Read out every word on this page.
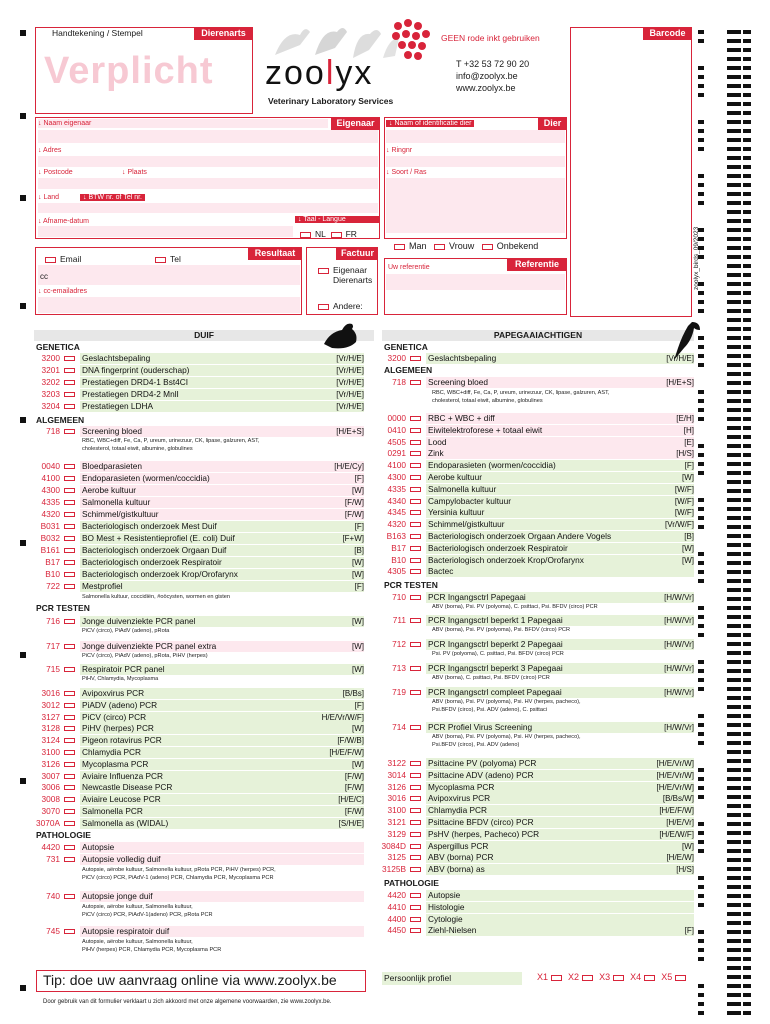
Handtekening / Stempel	Dierenarts
Verplicht zoolyx
Veterinary Laboratory Services
GEEN rode inkt gebruiken
T +32 53 72 90 20
info@zoolyx.be
www.zoolyx.be
Barcode
zoolyx_birds_09/2023
Eigenaar
↓ Naam eigenaar
↓ Adres
↓ Postcode	↓ Plaats
↓ Land	↓ BTW nr. of Tel nr.
↓ Afname-datum	↓ Taal - Langue
NL FR
Dier
↓ Naam of identificatie dier
↓ Ringnr
↓ Soort / Ras
Man	Vrouw	Onbekend
Resultaat
Email	Tel
cc
↓ cc-emailadres
Factuur
Eigenaar
Dierenarts
Andere:
Referentie
Uw referentie
DUIF	PAPEGAAIACHTIGEN
GENETICA
3200	Geslachtsbepaling	[Vr/H/E]
3201	DNA fingerprint (ouderschap)	[Vr/H/E]
3202	Prestatiegen DRD4-1 Bst4CI	[Vr/H/E]
3203	Prestatiegen DRD4-2 MnlI	[Vr/H/E]
3204	Prestatiegen LDHA	[Vr/H/E]
ALGEMEEN
718	Screening bloed	[H/E+S]
RBC, WBC+diff, Fe, Ca, P, ureum, urinezuur, CK, lipase, galzuren, AST,
cholesterol, totaal eiwit, albumine, globulines
0040	Bloedparasieten	[H/E/Cy]
4100	Endoparasieten (wormen/coccidia)	[F]
4300	Aerobe kultuur	[W]
4335	Salmonella kultuur	[F/W]
4320	Schimmel/gistkultuur	[F/W]
B031	Bacteriologisch onderzoek Mest Duif	[F]
B032	BO Mest + Resistentieprofiel (E. coli) Duif	[F+W]
B161	Bacteriologisch onderzoek Orgaan Duif	[B]
B17	Bacteriologisch onderzoek Respiratoir	[W]
B10	Bacteriologisch onderzoek Krop/Orofarynx	[W]
722	Mestprofiel	[F]
Salmonella kultuur, coccidiën, #oöcysten, wormen en gisten
PCR TESTEN
716	Jonge duivenziekte PCR panel	[W]
PiCV (circo), PiAdV (adeno), pRota
717	Jonge duivenziekte PCR panel extra	[W]
PiCV (circo), PiAdV (adeno), pRota, PiHV (herpes)
715	Respiratoir PCR panel	[W]
PiHV, Chlamydia, Mycoplasma
3016	Avipoxvirus PCR	[B/Bs]
3012	PiADV (adeno) PCR	[F]
3127	PiCV (circo) PCR	H/E/Vr/W/F]
3128	PiHV (herpes) PCR	[W]
3124	Pigeon rotavirus PCR	[F/W/B]
3100	Chlamydia PCR	[H/E/F/W]
3126	Mycoplasma PCR	[W]
3007	Aviaire Influenza PCR	[F/W]
3006	Newcastle Disease PCR	[F/W]
3008	Aviaire Leucose PCR	[H/E/C]
3070	Salmonella PCR	[F/W]
3070A	Salmonella as (WIDAL)	[S/H/E]
PATHOLOGIE
4420	Autopsie
731	Autopsie volledig duif
Autopsie, aërobe kultuur, Salmonella kultuur, pRota PCR, PiHV (herpes) PCR,
PiCV (circo) PCR, PiAdV-1 (adeno) PCR, Chlamydia PCR, Mycoplasma PCR
740	Autopsie jonge duif
Autopsie, aërobe kultuur, Salmonella kultuur,
PiCV (circo) PCR, PiAdV-1(adeno) PCR, pRota PCR
745	Autopsie respiratoir duif
Autopsie, aërobe kultuur, Salmonella kultuur,
PiHV (herpes) PCR, Chlamydia PCR, Mycoplasma PCR
GENETICA
3200	Geslachtsbepaling	[Vr/H/E]
ALGEMEEN
718	Screening bloed	[H/E+S]
RBC, WBC+diff, Fe, Ca, P, ureum, urinezuur, CK, lipase, galzuren, AST,
cholesterol, totaal eiwit, albumine, globulines
0000	RBC + WBC + diff	[E/H]
0410	Eiwitelektroforese + totaal eiwit	[H]
4505	Lood	[E]
0291	Zink	[H/S]
4100	Endoparasieten (wormen/coccidia)	[F]
4300	Aerobe kultuur	[W]
4335	Salmonella kultuur	[W/F]
4340	Campylobacter kultuur	[W/F]
4345	Yersinia kultuur	[W/F]
4320	Schimmel/gistkultuur	[Vr/W/F]
B163	Bacteriologisch onderzoek Orgaan Andere Vogels	[B]
B17	Bacteriologisch onderzoek Respiratoir	[W]
B10	Bacteriologisch onderzoek Krop/Orofarynx	[W]
4305	Bactec
PCR TESTEN
710	PCR Ingangsctrl Papegaai	[H/W/Vr]
ABV (borna), Psi. PV (polyoma), C. psittaci, Psi. BFDV (circo) PCR
711	PCR Ingangsctrl beperkt 1 Papegaai	[H/W/Vr]
ABV (borna), Psi. PV (polyoma), Psi. BFDV (circo) PCR
712	PCR Ingangsctrl beperkt 2 Papegaai	[H/W/Vr]
Psi. PV (polyoma), C. psittaci, Psi. BFDV (circo) PCR
713	PCR Ingangsctrl beperkt 3 Papegaai	[H/W/Vr]
ABV (borna), C. psittaci, Psi. BFDV (circo) PCR
719	PCR Ingangsctrl compleet Papegaai	[H/W/Vr]
ABV (borna), Psi. PV (polyoma), Psi. HV (herpes, pacheco),
Psi.BFDV (circo), Psi. ADV (adeno), C. psittaci
714	PCR Profiel Virus Screening	[H/W/Vr]
ABV (borna), Psi. PV (polyoma), Psi. HV (herpes, pacheco),
Psi.BFDV (circo), Psi. ADV (adeno)
3122	Psittacine PV (polyoma) PCR	[H/E/Vr/W]
3014	Psittacine ADV (adeno) PCR	[H/E/Vr/W]
3126	Mycoplasma PCR	[H/E/Vr/W]
3016	Avipoxvirus PCR	[B/Bs/W]
3100	Chlamydia PCR	[H/E/F/W]
3121	Psittacine BFDV (circo) PCR	[H/E/Vr]
3129	PsHV (herpes, Pacheco) PCR	[H/E/W/F]
3084D	Aspergillus PCR	[W]
3125	ABV (borna) PCR	[H/E/W]
3125B	ABV (borna) as	[H/S]
PATHOLOGIE
4420	Autopsie
4410	Histologie
4400	Cytologie
4450	Ziehl-Nielsen	[F]
Tip: doe uw aanvraag online via www.zoolyx.be	Persoonlijk profiel	X1 X2 X3 X4 X5
Door gebruik van dit formulier verklaart u zich akkoord met onze algemene voorwaarden, zie www.zoolyx.be.
